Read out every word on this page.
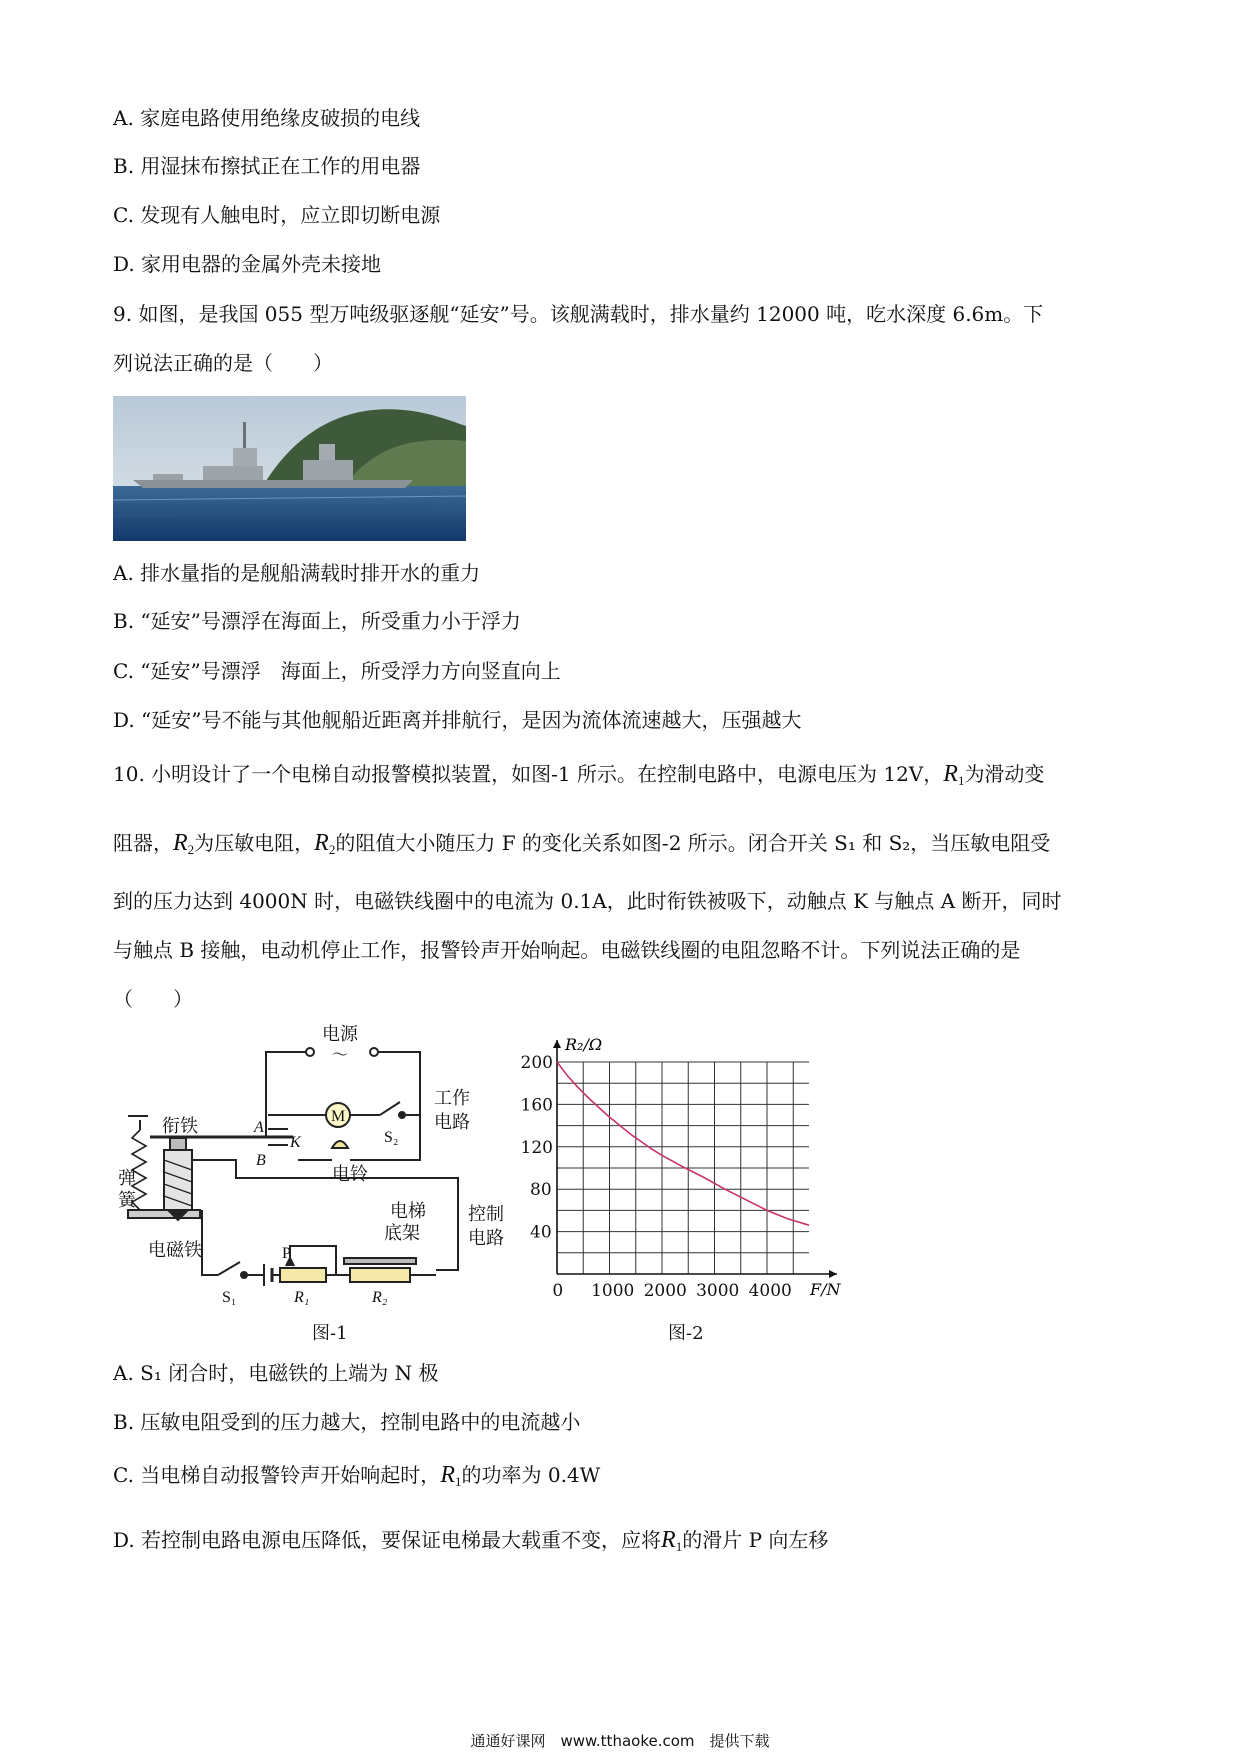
A. 家庭电路使用绝缘皮破损的电线
B. 用湿抹布擦拭正在工作的用电器
C. 发现有人触电时，应立即切断电源
D. 家用电器的金属外壳未接地
9. 如图，是我国 055 型万吨级驱逐舰“延安”号。该舰满载时，排水量约 12000 吨，吃水深度 6.6m。下
列说法正确的是（　　）
A. 排水量指的是舰船满载时排开水的重力
B. “延安”号漂浮在海面上，所受重力小于浮力
C. “延安”号漂浮　海面上，所受浮力方向竖直向上
D. “延安”号不能与其他舰船近距离并排航行，是因为流体流速越大，压强越大
10. 小明设计了一个电梯自动报警模拟装置，如图-1 所示。在控制电路中，电源电压为 12V，$R_1$为滑动变
阻器，$R_2$为压敏电阻，$R_2$的阻值大小随压力 F 的变化关系如图-2 所示。闭合开关 S₁ 和 S₂，当压敏电阻受
到的压力达到 4000N 时，电磁铁线圈中的电流为 0.1A，此时衔铁被吸下，动触点 K 与触点 A 断开，同时
与触点 B 接触，电动机停止工作，报警铃声开始响起。电磁铁线圈的电阻忽略不计。下列说法正确的是
（　　）
电源
～
工作
电路
衔铁
弹
簧
电铃
电磁铁
电梯
底架
控制
电路
M
A
B
K
P
S₁
S₂
R₁	R₂
图-1
0 1000 2000 3000 4000
40
80
120
160
200
R₂/Ω
F/N
图-2
A. S₁ 闭合时，电磁铁的上端为 N 极
B. 压敏电阻受到的压力越大，控制电路中的电流越小
C. 当电梯自动报警铃声开始响起时，$R_1$的功率为 0.4W
D. 若控制电路电源电压降低，要保证电梯最大载重不变，应将$R_1$的滑片 P 向左移
通通好课网　www.tthaoke.com　提供下载
